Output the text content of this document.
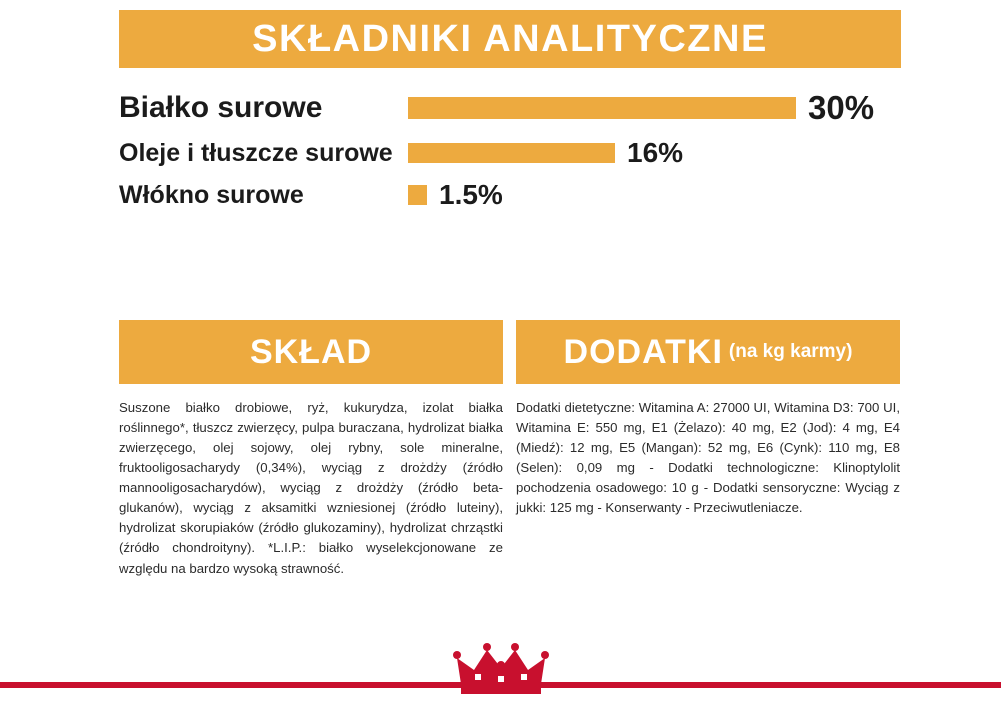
SKŁADNIKI ANALITYCZNE
Białko surowe	30%
Oleje i tłuszcze surowe	16%
Włókno surowe	1.5%
SKŁAD
Suszone białko drobiowe, ryż, kukurydza, izolat białka roślinnego*, tłuszcz zwierzęcy, pulpa buraczana, hydrolizat białka zwierzęcego, olej sojowy, olej rybny, sole mineralne, fruktooligosacharydy (0,34%), wyciąg z drożdży (źródło mannooligosacharydów), wyciąg z drożdży (źródło beta-glukanów), wyciąg z aksamitki wzniesionej (źródło luteiny), hydrolizat skorupiaków (źródło glukozaminy), hydrolizat chrząstki (źródło chondroityny). *L.I.P.: białko wyselekcjonowane ze względu na bardzo wysoką strawność.
DODATKI (na kg karmy)
Dodatki dietetyczne: Witamina A: 27000 UI, Witamina D3: 700 UI, Witamina E: 550 mg, E1 (Żelazo): 40 mg, E2 (Jod): 4 mg, E4 (Miedź): 12 mg, E5 (Mangan): 52 mg, E6 (Cynk): 110 mg, E8 (Selen): 0,09 mg - Dodatki technologiczne: Klinoptylolit pochodzenia osadowego: 10 g - Dodatki sensoryczne: Wyciąg z jukki: 125 mg - Konserwanty - Przeciwutleniacze.
